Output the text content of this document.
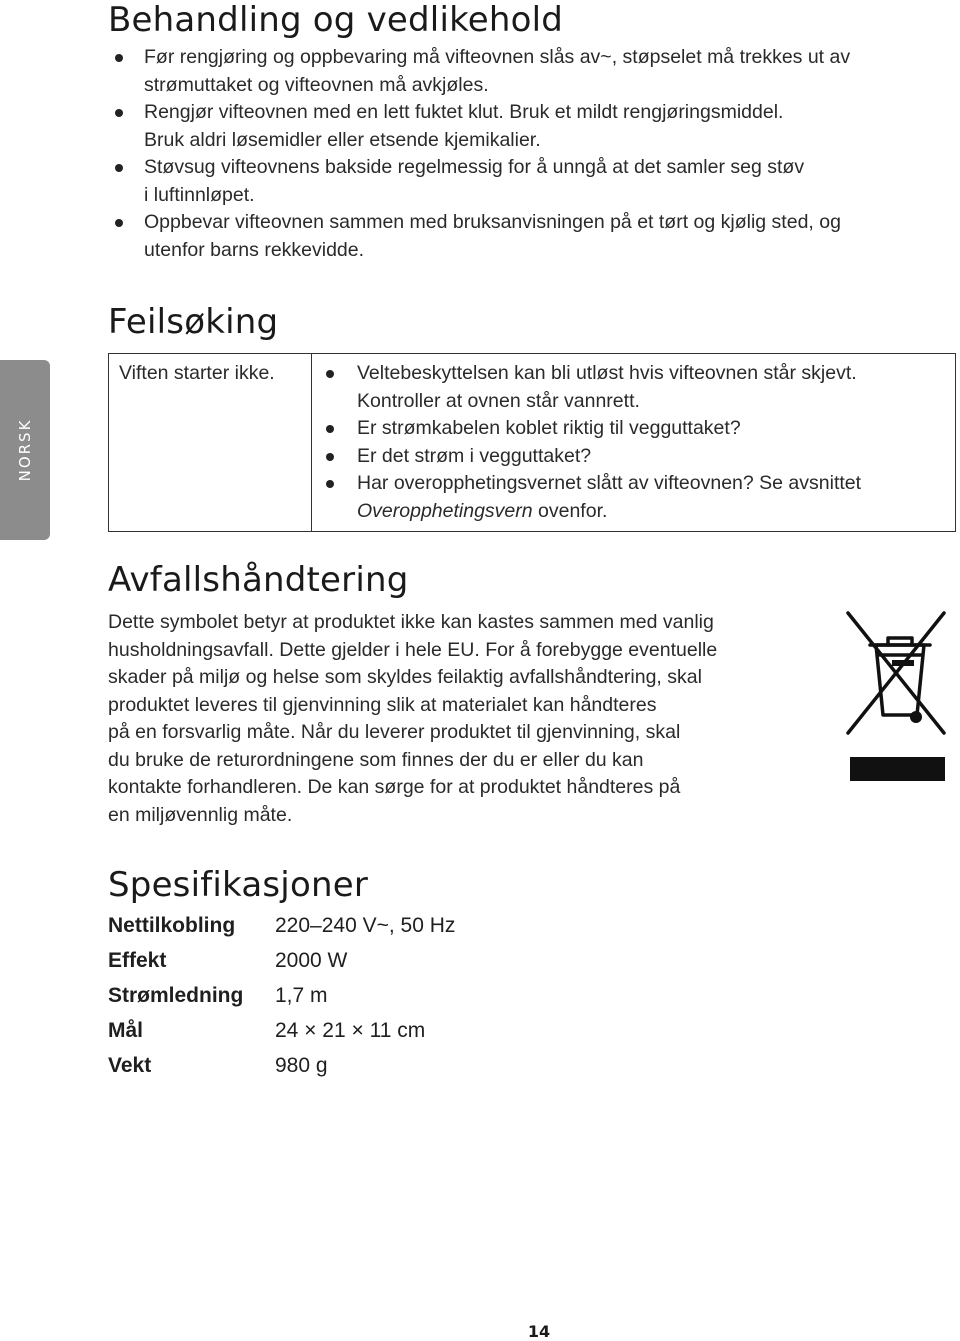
Behandling og vedlikehold
Før rengjøring og oppbevaring må vifteovnen slås av~, støpselet må trekkes ut av
strømuttaket og vifteovnen må avkjøles.
Rengjør vifteovnen med en lett fuktet klut. Bruk et mildt rengjøringsmiddel.
Bruk aldri løsemidler eller etsende kjemikalier.
Støvsug vifteovnens bakside regelmessig for å unngå at det samler seg støv
i luftinnløpet.
Oppbevar vifteovnen sammen med bruksanvisningen på et tørt og kjølig sted, og
utenfor barns rekkevidde.
Feilsøking
NORSK
Viften starter ikke.	Veltebeskyttelsen kan bli utløst hvis vifteovnen står skjevt.
Kontroller at ovnen står vannrett.
Er strømkabelen koblet riktig til vegguttaket?
Er det strøm i vegguttaket?
Har overopphetingsvernet slått av vifteovnen? Se avsnittet
Overopphetingsvern ovenfor.
Avfallshåndtering

Dette symbolet betyr at produktet ikke kan kastes sammen med vanlig
husholdningsavfall. Dette gjelder i hele EU. For å forebygge eventuelle
skader på miljø og helse som skyldes feilaktig avfallshåndtering, skal
produktet leveres til gjenvinning slik at materialet kan håndteres
på en forsvarlig måte. Når du leverer produktet til gjenvinning, skal
du bruke de returordningene som finnes der du er eller du kan
kontakte forhandleren. De kan sørge for at produktet håndteres på
en miljøvennlig måte.

Spesifikasjoner
Nettilkobling	220–240 V~, 50 Hz
Effekt	2000 W
Strømledning	1,7 m
Mål	24 × 21 × 11 cm
Vekt	980 g
14
